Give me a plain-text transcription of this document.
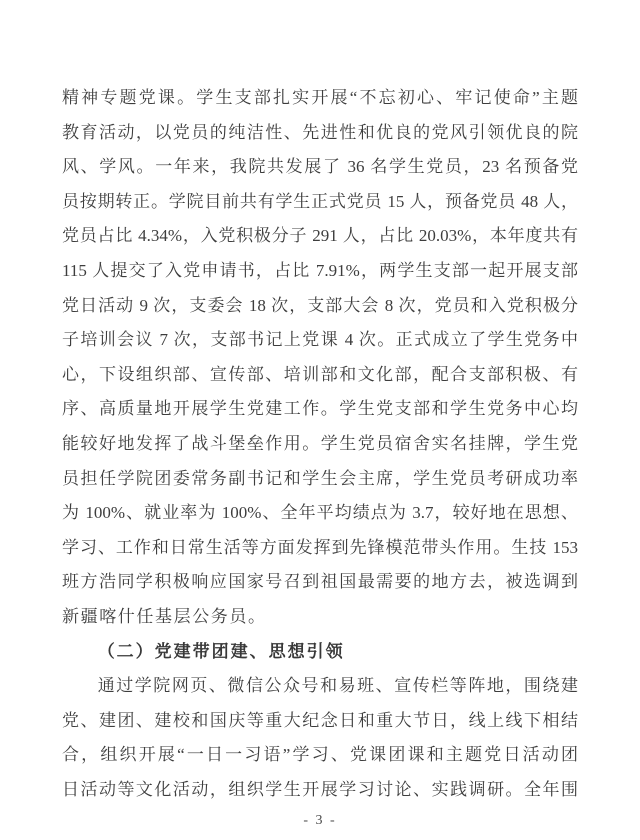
精神专题党课。学生支部扎实开展“不忘初心、牢记使命”主题
教育活动，以党员的纯洁性、先进性和优良的党风引领优良的院
风、学风。一年来，我院共发展了 36 名学生党员，23 名预备党
员按期转正。学院目前共有学生正式党员 15 人，预备党员 48 人，
党员占比 4.34%，入党积极分子 291 人，占比 20.03%，本年度共有
115 人提交了入党申请书，占比 7.91%，两学生支部一起开展支部
党日活动 9 次，支委会 18 次，支部大会 8 次，党员和入党积极分
子培训会议 7 次，支部书记上党课 4 次。正式成立了学生党务中
心，下设组织部、宣传部、培训部和文化部，配合支部积极、有
序、高质量地开展学生党建工作。学生党支部和学生党务中心均
能较好地发挥了战斗堡垒作用。学生党员宿舍实名挂牌，学生党
员担任学院团委常务副书记和学生会主席，学生党员考研成功率
为 100%、就业率为 100%、全年平均绩点为 3.7，较好地在思想、
学习、工作和日常生活等方面发挥到先锋模范带头作用。生技 153
班方浩同学积极响应国家号召到祖国最需要的地方去，被选调到
新疆喀什任基层公务员。
（二）党建带团建、思想引领
通过学院网页、微信公众号和易班、宣传栏等阵地，围绕建
党、建团、建校和国庆等重大纪念日和重大节日，线上线下相结
合，组织开展“一日一习语”学习、党课团课和主题党日活动团
日活动等文化活动，组织学生开展学习讨论、实践调研。全年围
- 3 -
